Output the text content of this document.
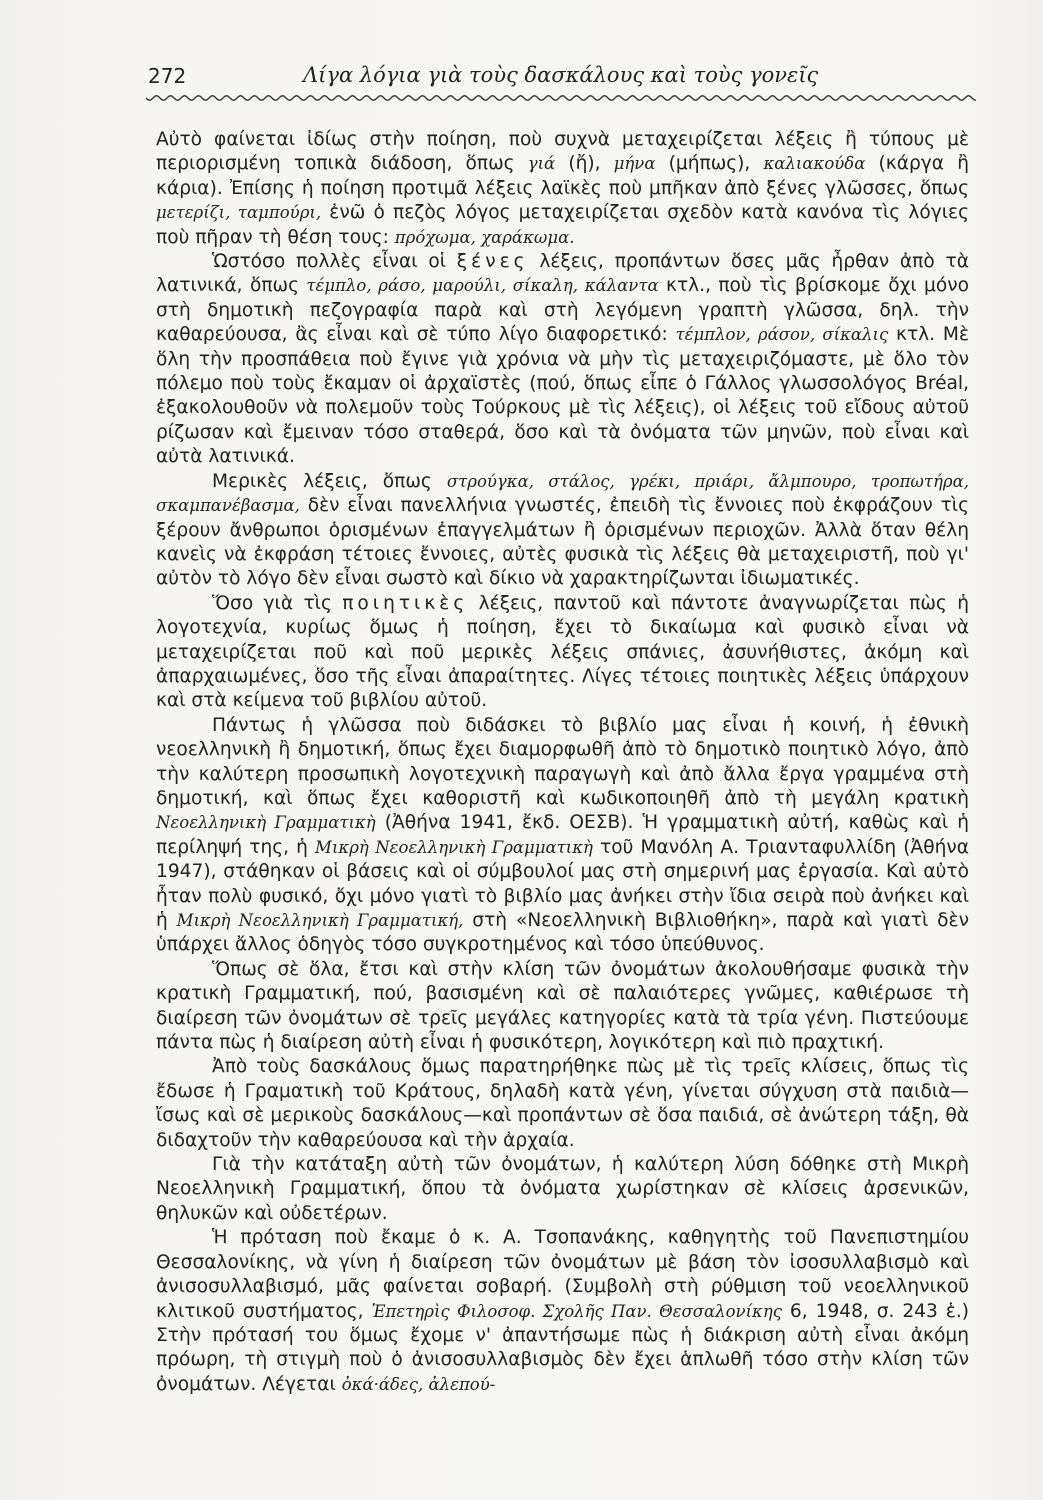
272	Λίγα λόγια γιὰ τοὺς δασκάλους καὶ τοὺς γονεῖς

Αὐτὸ φαίνεται ἰδίως στὴν ποίηση, ποὺ συχνὰ μεταχειρίζεται λέξεις ἢ τύπους μὲ περιορισμένη τοπικὰ διάδοση, ὅπως γιά (ἤ), μήνα (μήπως), καλιακούδα (κάργα ἢ κάρια). Ἐπίσης ἡ ποίηση προτιμᾶ λέξεις λαϊκὲς ποὺ μπῆκαν ἀπὸ ξένες γλῶσσες, ὅπως μετερίζι, ταμπούρι, ἐνῶ ὁ πεζὸς λόγος μεταχειρίζεται σχεδὸν κατὰ κανόνα τὶς λόγιες ποὺ πῆραν τὴ θέση τους: πρόχωμα, χαράκωμα.

Ὡστόσο πολλὲς εἶναι οἱ ξένες λέξεις, προπάντων ὅσες μᾶς ἦρθαν ἀπὸ τὰ λατινικά, ὅπως τέμπλο, ράσο, μαρούλι, σίκαλη, κάλαντα κτλ., ποὺ τὶς βρίσκομε ὄχι μόνο στὴ δημοτικὴ πεζογραφία παρὰ καὶ στὴ λεγόμενη γραπτὴ γλῶσσα, δηλ. τὴν καθαρεύουσα, ἂς εἶναι καὶ σὲ τύπο λίγο διαφορετικό: τέμπλον, ράσον, σίκαλις κτλ. Μὲ ὅλη τὴν προσπάθεια ποὺ ἔγινε γιὰ χρόνια νὰ μὴν τὶς μεταχειριζόμαστε, μὲ ὅλο τὸν πόλεμο ποὺ τοὺς ἔκαμαν οἱ ἀρχαϊστὲς (πού, ὅπως εἶπε ὁ Γάλλος γλωσσολόγος Bréal, ἐξακολουθοῦν νὰ πολεμοῦν τοὺς Τούρκους μὲ τὶς λέξεις), οἱ λέξεις τοῦ εἴδους αὐτοῦ ρίζωσαν καὶ ἔμειναν τόσο σταθερά, ὅσο καὶ τὰ ὀνόματα τῶν μηνῶν, ποὺ εἶναι καὶ αὐτὰ λατινικά.

Μερικὲς λέξεις, ὅπως στρούγκα, στάλος, γρέκι, πριάρι, ἄλμπουρο, τροπωτήρα, σκαμπανέβασμα, δὲν εἶναι πανελλήνια γνωστές, ἐπειδὴ τὶς ἔννοιες ποὺ ἐκφράζουν τὶς ξέρουν ἄνθρωποι ὁρισμένων ἐπαγγελμάτων ἢ ὁρισμένων περιοχῶν. Ἀλλὰ ὅταν θέλη κανεὶς νὰ ἐκφράση τέτοιες ἔννοιες, αὐτὲς φυσικὰ τὶς λέξεις θὰ μεταχειριστῆ, ποὺ γι' αὐτὸν τὸ λόγο δὲν εἶναι σωστὸ καὶ δίκιο νὰ χαρακτηρίζωνται ἰδιωματικές.

Ὅσο γιὰ τὶς ποιητικὲς λέξεις, παντοῦ καὶ πάντοτε ἀναγνωρίζεται πὼς ἡ λογοτεχνία, κυρίως ὅμως ἡ ποίηση, ἔχει τὸ δικαίωμα καὶ φυσικὸ εἶναι νὰ μεταχειρίζεται ποῦ καὶ ποῦ μερικὲς λέξεις σπάνιες, ἀσυνήθιστες, ἀκόμη καὶ ἀπαρχαιωμένες, ὅσο τῆς εἶναι ἀπαραίτητες. Λίγες τέτοιες ποιητικὲς λέξεις ὑπάρχουν καὶ στὰ κείμενα τοῦ βιβλίου αὐτοῦ.

Πάντως ἡ γλῶσσα ποὺ διδάσκει τὸ βιβλίο μας εἶναι ἡ κοινή, ἡ ἐθνικὴ νεοελληνικὴ ἢ δημοτική, ὅπως ἔχει διαμορφωθῆ ἀπὸ τὸ δημοτικὸ ποιητικὸ λόγο, ἀπὸ τὴν καλύτερη προσωπικὴ λογοτεχνικὴ παραγωγὴ καὶ ἀπὸ ἄλλα ἔργα γραμμένα στὴ δημοτική, καὶ ὅπως ἔχει καθοριστῆ καὶ κωδικοποιηθῆ ἀπὸ τὴ μεγάλη κρατικὴ Νεοελληνικὴ Γραμματικὴ (Ἀθήνα 1941, ἔκδ. ΟΕΣΒ). Ἡ γραμματικὴ αὐτή, καθὼς καὶ ἡ περίληψή της, ἡ Μικρὴ Νεοελληνικὴ Γραμματικὴ τοῦ Μανόλη Α. Τριανταφυλλίδη (Ἀθήνα 1947), στάθηκαν οἱ βάσεις καὶ οἱ σύμβουλοί μας στὴ σημερινή μας ἐργασία. Καὶ αὐτὸ ἦταν πολὺ φυσικό, ὄχι μόνο γιατὶ τὸ βιβλίο μας ἀνήκει στὴν ἴδια σειρὰ ποὺ ἀνήκει καὶ ἡ Μικρὴ Νεοελληνικὴ Γραμματική, στὴ «Νεοελληνικὴ Βιβλιοθήκη», παρὰ καὶ γιατὶ δὲν ὑπάρχει ἄλλος ὁδηγὸς τόσο συγκροτημένος καὶ τόσο ὑπεύθυνος.

Ὅπως σὲ ὅλα, ἔτσι καὶ στὴν κλίση τῶν ὀνομάτων ἀκολουθήσαμε φυσικὰ τὴν κρατικὴ Γραμματική, πού, βασισμένη καὶ σὲ παλαιότερες γνῶμες, καθιέρωσε τὴ διαίρεση τῶν ὀνομάτων σὲ τρεῖς μεγάλες κατηγορίες κατὰ τὰ τρία γένη. Πιστεύουμε πάντα πὼς ἡ διαίρεση αὐτὴ εἶναι ἡ φυσικότερη, λογικότερη καὶ πιὸ πραχτική.

Ἀπὸ τοὺς δασκάλους ὅμως παρατηρήθηκε πὼς μὲ τὶς τρεῖς κλίσεις, ὅπως τὶς ἔδωσε ἡ Γραματικὴ τοῦ Κράτους, δηλαδὴ κατὰ γένη, γίνεται σύγχυση στὰ παιδιὰ—ἴσως καὶ σὲ μερικοὺς δασκάλους—καὶ προπάντων σὲ ὅσα παιδιά, σὲ ἀνώτερη τάξη, θὰ διδαχτοῦν τὴν καθαρεύουσα καὶ τὴν ἀρχαία.

Γιὰ τὴν κατάταξη αὐτὴ τῶν ὀνομάτων, ἡ καλύτερη λύση δόθηκε στὴ Μικρὴ Νεοελληνικὴ Γραμματική, ὅπου τὰ ὀνόματα χωρίστηκαν σὲ κλίσεις ἀρσενικῶν, θηλυκῶν καὶ οὐδετέρων.

Ἡ πρόταση ποὺ ἔκαμε ὁ κ. Α. Τσοπανάκης, καθηγητὴς τοῦ Πανεπιστημίου Θεσσαλονίκης, νὰ γίνη ἡ διαίρεση τῶν ὀνομάτων μὲ βάση τὸν ἰσοσυλλαβισμὸ καὶ ἀνισοσυλλαβισμό, μᾶς φαίνεται σοβαρή. (Συμβολὴ στὴ ρύθμιση τοῦ νεοελληνικοῦ κλιτικοῦ συστήματος, Ἐπετηρὶς Φιλοσοφ. Σχολῆς Παν. Θεσσαλονίκης 6, 1948, σ. 243 ἑ.) Στὴν πρότασή του ὅμως ἔχομε ν' ἀπαντήσωμε πὼς ἡ διάκριση αὐτὴ εἶναι ἀκόμη πρόωρη, τὴ στιγμὴ ποὺ ὁ ἀνισοσυλλαβισμὸς δὲν ἔχει ἁπλωθῆ τόσο στὴν κλίση τῶν ὀνομάτων. Λέγεται ὀκά·άδες, ἀλεπού-
